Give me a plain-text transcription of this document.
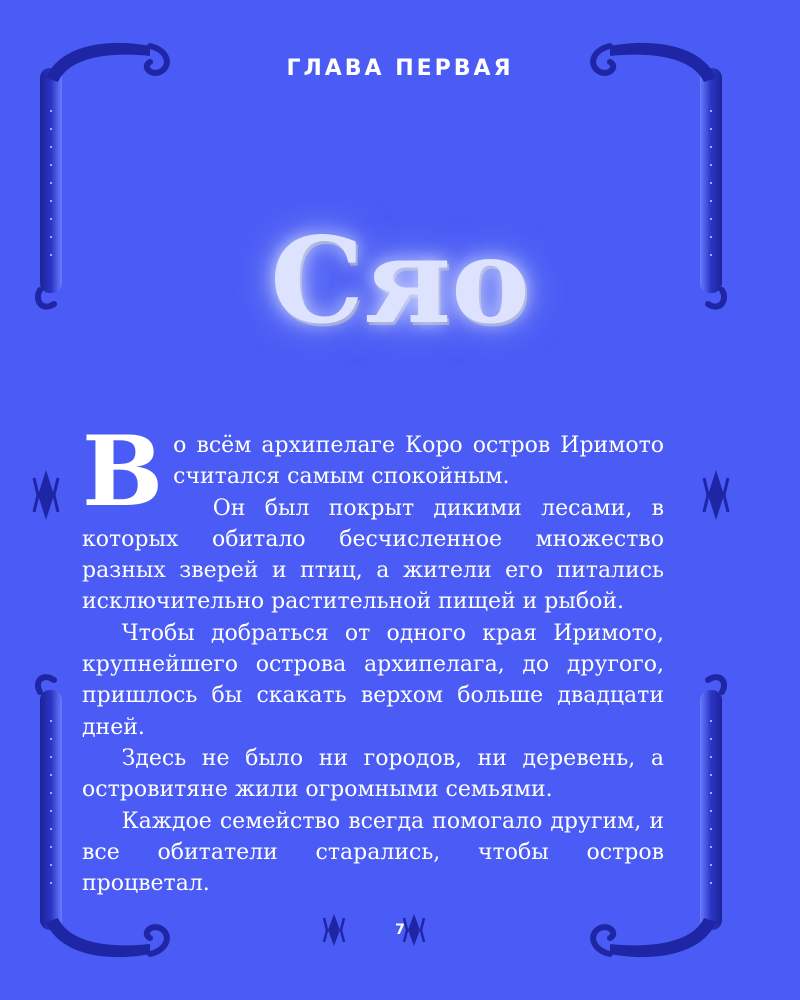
ГЛАВА ПЕРВАЯ
Сяо

Во всём архипелаге Коро остров Иримото считался самым спокойным.

Он был покрыт дикими лесами, в которых обитало бесчисленное множество разных зверей и птиц, а жители его питались исключительно растительной пищей и рыбой.

Чтобы добраться от одного края Иримото, крупнейшего острова архипелага, до другого, пришлось бы скакать верхом больше двадцати дней.

Здесь не было ни городов, ни деревень, а островитяне жили огромными семьями.

Каждое семейство всегда помогало другим, и все обитатели старались, чтобы остров процветал.

7
